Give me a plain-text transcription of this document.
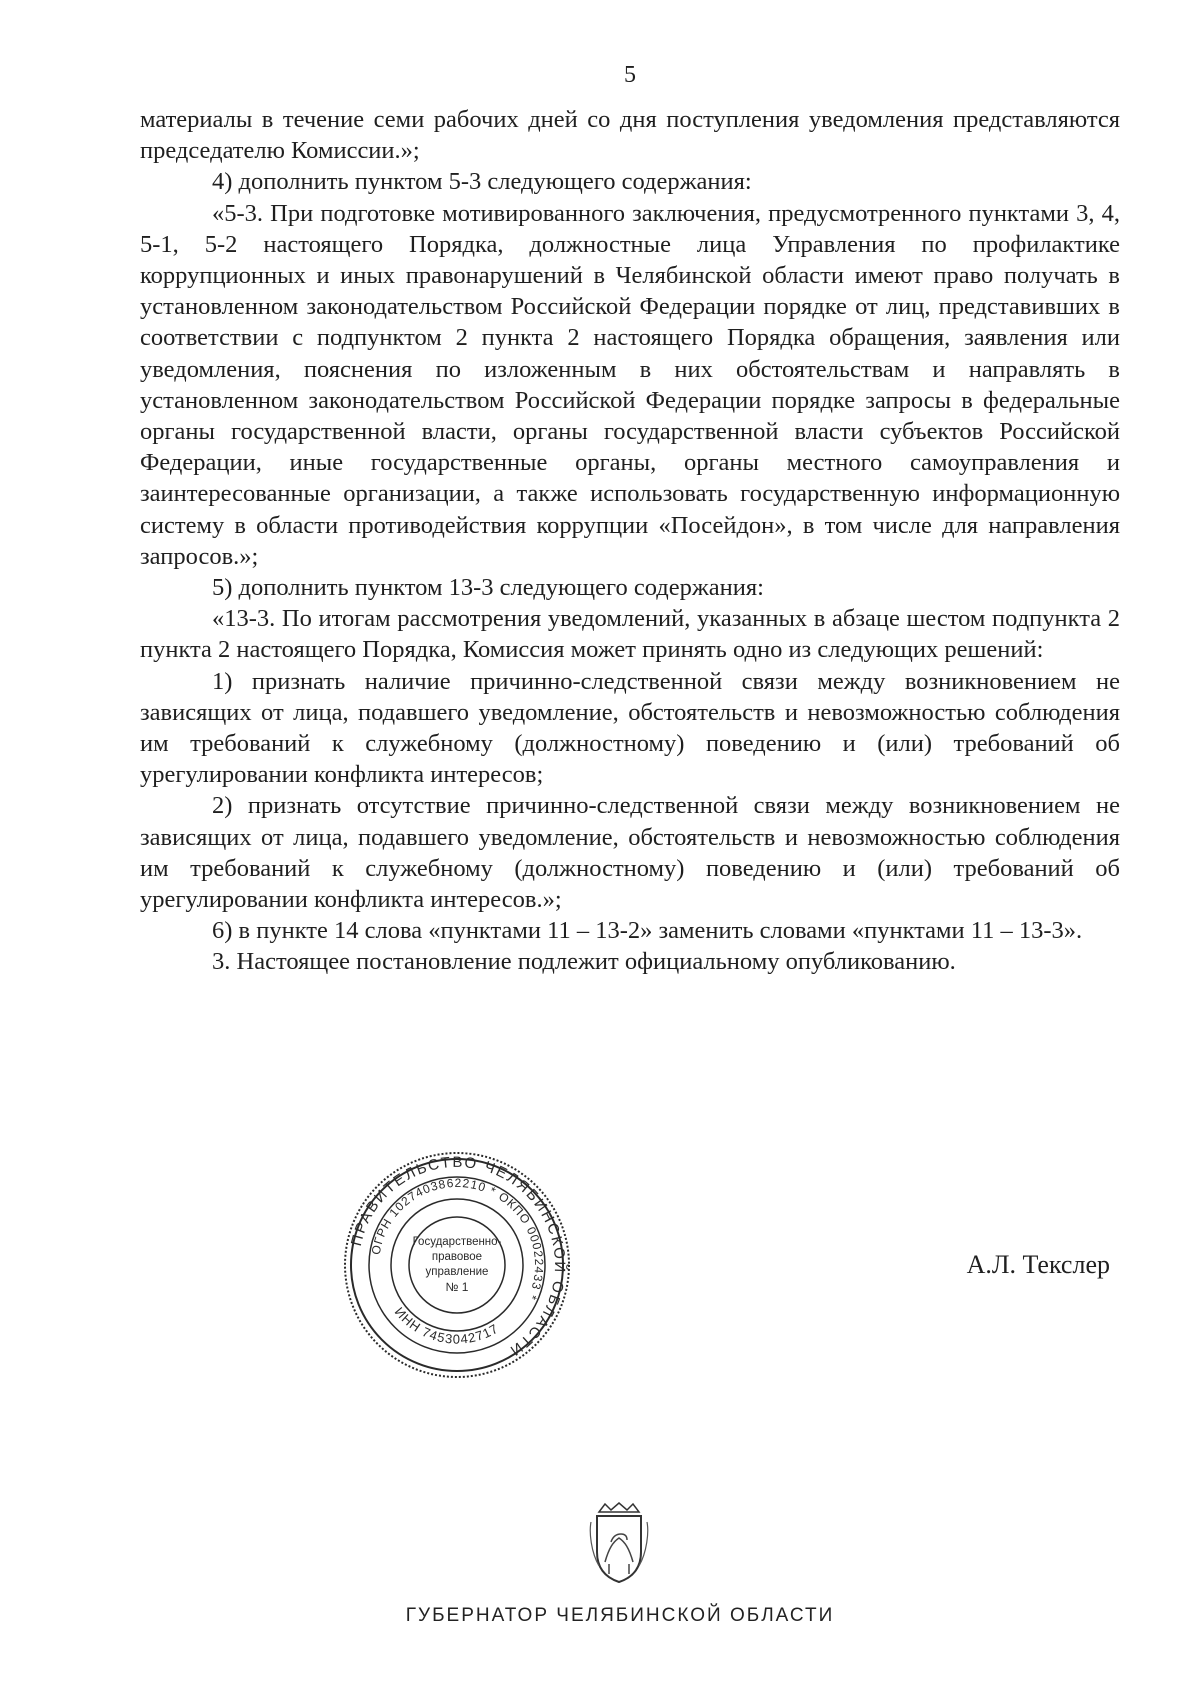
5

материалы в течение семи рабочих дней со дня поступления уведомления представляются председателю Комиссии.»;

4) дополнить пунктом 5-3 следующего содержания:

«5-3. При подготовке мотивированного заключения, предусмотренного пунктами 3, 4, 5-1, 5-2 настоящего Порядка, должностные лица Управления по профилактике коррупционных и иных правонарушений в Челябинской области имеют право получать в установленном законодательством Российской Федерации порядке от лиц, представивших в соответствии с подпунктом 2 пункта 2 настоящего Порядка обращения, заявления или уведомления, пояснения по изложенным в них обстоятельствам и направлять в установленном законодательством Российской Федерации порядке запросы в федеральные органы государственной власти, органы государственной власти субъектов Российской Федерации, иные государственные органы, органы местного самоуправления и заинтересованные организации, а также использовать государственную информационную систему в области противодействия коррупции «Посейдон», в том числе для направления запросов.»;

5) дополнить пунктом 13-3 следующего содержания:

«13-3. По итогам рассмотрения уведомлений, указанных в абзаце шестом подпункта 2 пункта 2 настоящего Порядка, Комиссия может принять одно из следующих решений:

1) признать наличие причинно-следственной связи между возникновением не зависящих от лица, подавшего уведомление, обстоятельств и невозможностью соблюдения им требований к служебному (должностному) поведению и (или) требований об урегулировании конфликта интересов;

2) признать отсутствие причинно-следственной связи между возникновением не зависящих от лица, подавшего уведомление, обстоятельств и невозможностью соблюдения им требований к служебному (должностному) поведению и (или) требований об урегулировании конфликта интересов.»;

6) в пункте 14 слова «пунктами 11 – 13-2» заменить словами «пунктами 11 – 13-3».

3. Настоящее постановление подлежит официальному опубликованию.

ПРАВИТЕЛЬСТВО ЧЕЛЯБИНСКОЙ ОБЛАСТИ
ОГРН 1027403862210 * ОКПО 00022433 *
ИНН 7453042717
Государственно-
правовое
управление
№ 1
А.Л. Текслер
ГУБЕРНАТОР ЧЕЛЯБИНСКОЙ ОБЛАСТИ
